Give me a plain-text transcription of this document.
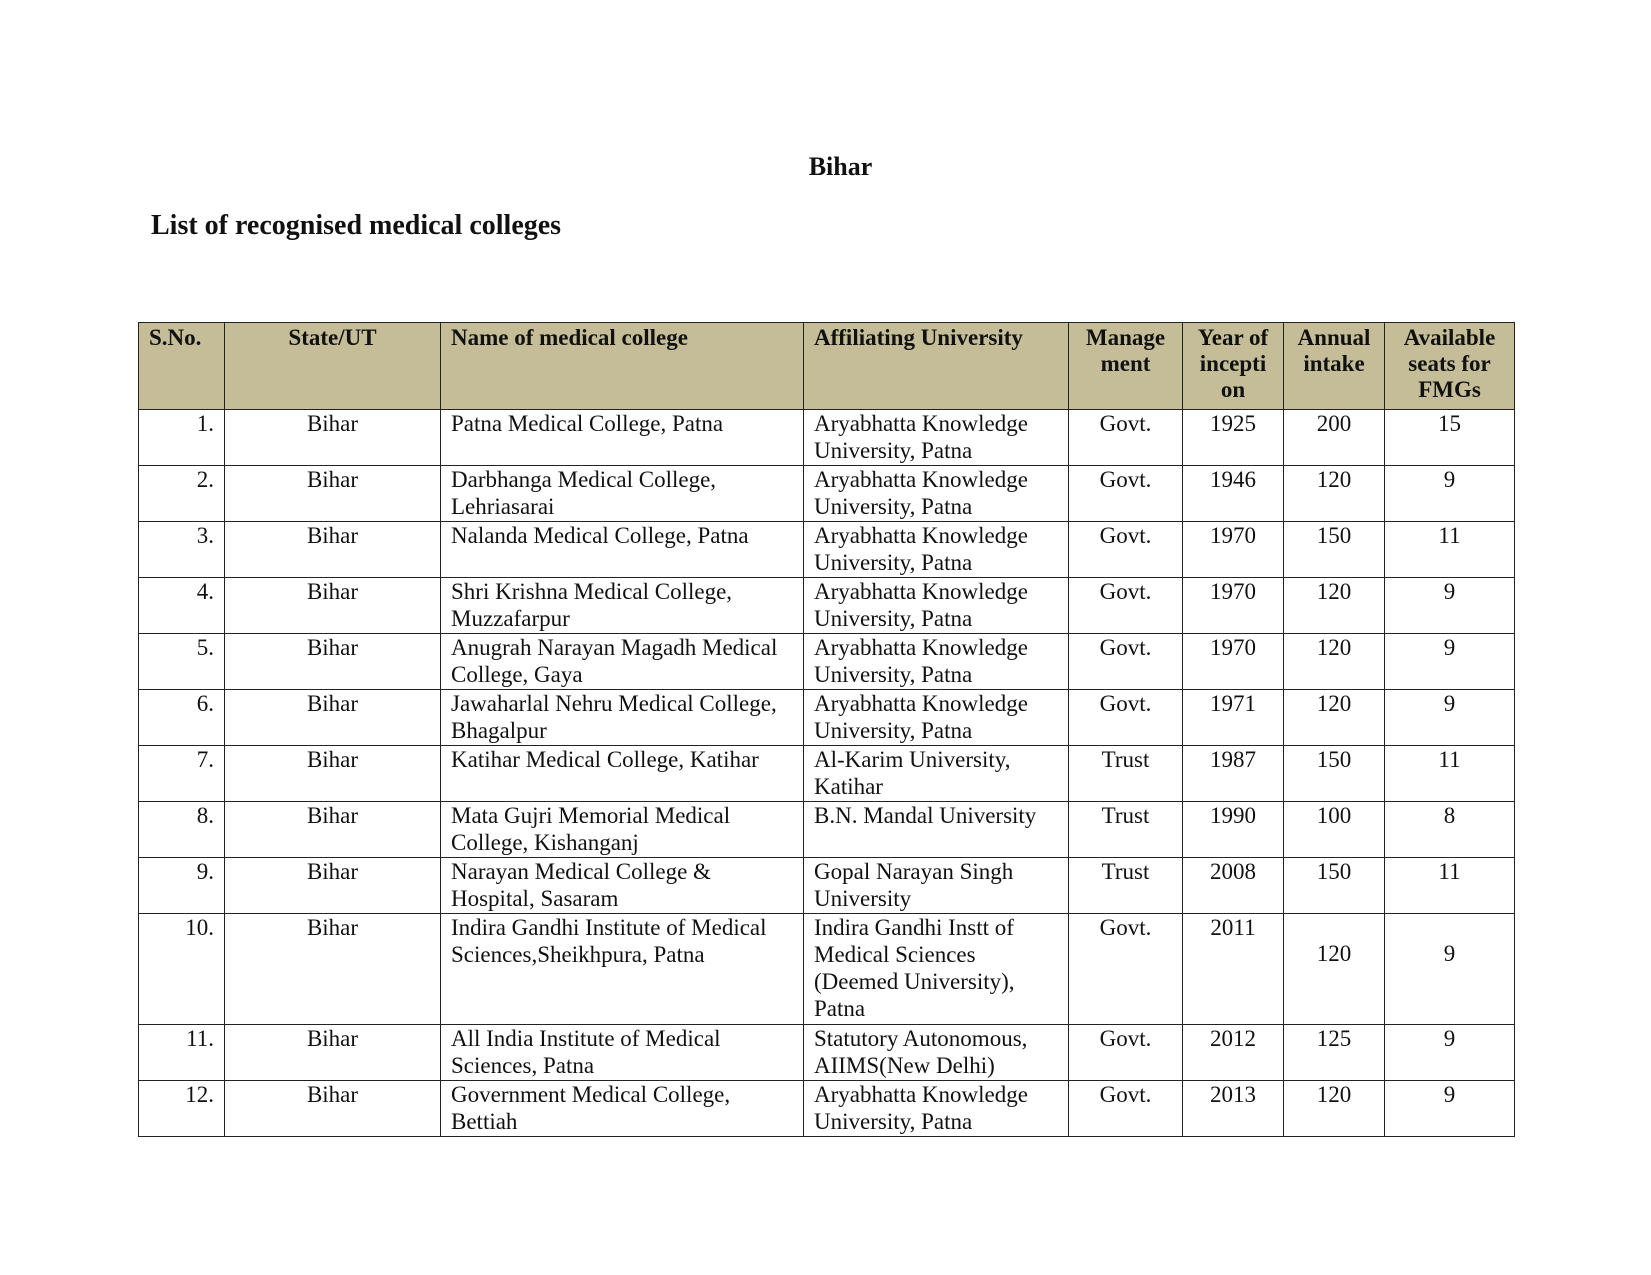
Bihar
List of recognised medical colleges
S.No.	State/UT	Name of medical college	Affiliating University	Manage ment	Year of incepti on	Annual intake	Available seats for FMGs
1.	Bihar	Patna Medical College, Patna	Aryabhatta Knowledge University, Patna	Govt.	1925	200	15
2.	Bihar	Darbhanga Medical College, Lehriasarai	Aryabhatta Knowledge University, Patna	Govt.	1946	120	9
3.	Bihar	Nalanda Medical College, Patna	Aryabhatta Knowledge University, Patna	Govt.	1970	150	11
4.	Bihar	Shri Krishna Medical College, Muzzafarpur	Aryabhatta Knowledge University, Patna	Govt.	1970	120	9
5.	Bihar	Anugrah Narayan Magadh Medical College, Gaya	Aryabhatta Knowledge University, Patna	Govt.	1970	120	9
6.	Bihar	Jawaharlal Nehru Medical College, Bhagalpur	Aryabhatta Knowledge University, Patna	Govt.	1971	120	9
7.	Bihar	Katihar Medical College, Katihar	Al-Karim University, Katihar	Trust	1987	150	11
8.	Bihar	Mata Gujri Memorial Medical College, Kishanganj	B.N. Mandal University	Trust	1990	100	8
9.	Bihar	Narayan Medical College & Hospital, Sasaram	Gopal Narayan Singh University	Trust	2008	150	11
10.	Bihar	Indira Gandhi Institute of Medical Sciences,Sheikhpura, Patna	Indira Gandhi Instt of Medical Sciences (Deemed University), Patna	Govt.	2011	120	9
11.	Bihar	All India Institute of Medical Sciences, Patna	Statutory Autonomous, AIIMS(New Delhi)	Govt.	2012	125	9
12.	Bihar	Government Medical College, Bettiah	Aryabhatta Knowledge University, Patna	Govt.	2013	120	9
